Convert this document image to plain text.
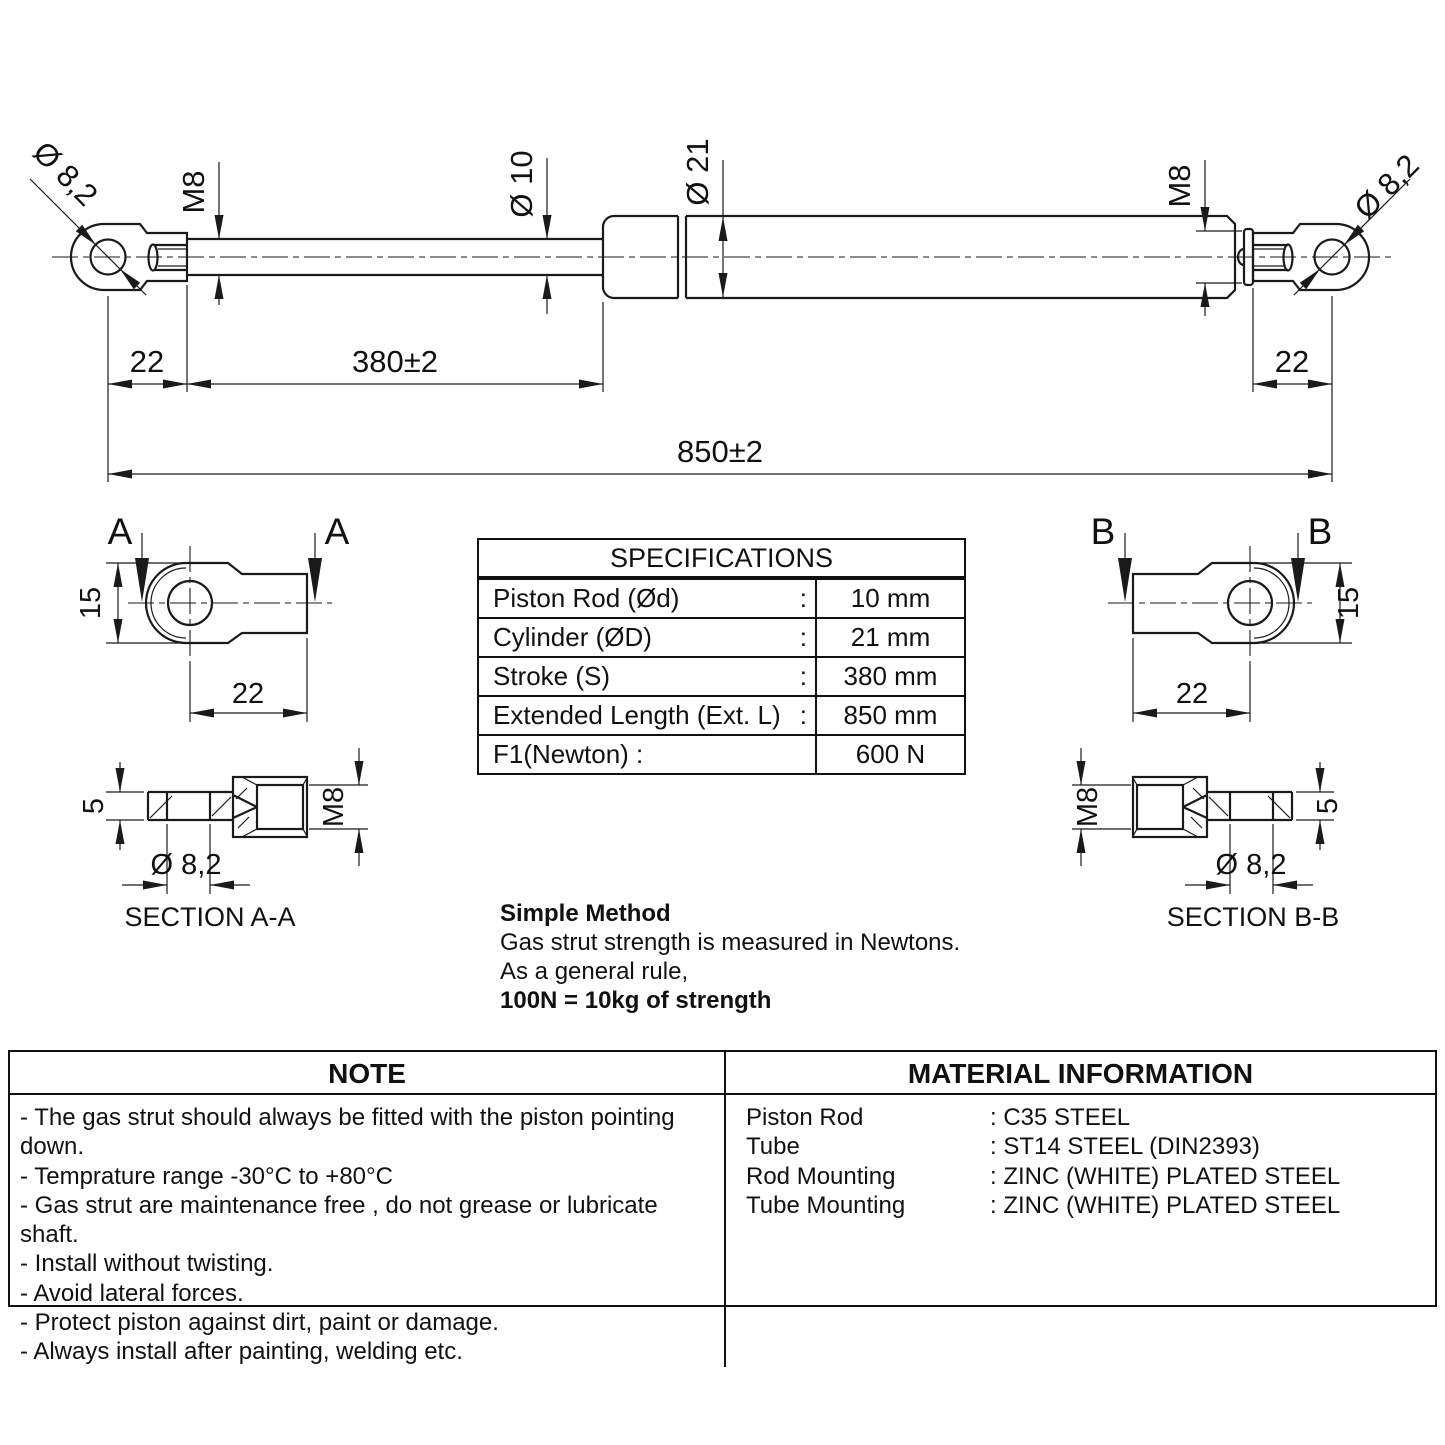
22	380±2	22
850±2
M8	Ø 10	Ø 21	M8
Ø 8,2	Ø 8,2
A	A
15
22
5	M8
Ø 8,2
SECTION A-A
B	B
15
22
M8	5
Ø 8,2
SECTION B-B
SPECIFICATIONS
Piston Rod (Ød)	:	10 mm
Cylinder (ØD)	:	21 mm
Stroke (S)	:	380 mm
Extended Length (Ext. L) :	850 mm
F1(Newton) :	600 N
Simple Method
Gas strut strength is measured in Newtons.
As a general rule,
100N = 10kg of strength
NOTE	MATERIAL INFORMATION
- The gas strut should always be fitted with the piston pointing down.
- Temprature range -30°C to +80°C
- Gas strut are maintenance free , do not grease or lubricate shaft.
- Install without twisting.
- Avoid lateral forces.
- Protect piston against dirt, paint or damage.
- Always install after painting, welding etc.
Piston Rod	: C35 STEEL
Tube	: ST14 STEEL (DIN2393)
Rod Mounting	: ZINC (WHITE) PLATED STEEL
Tube Mounting	: ZINC (WHITE) PLATED STEEL
